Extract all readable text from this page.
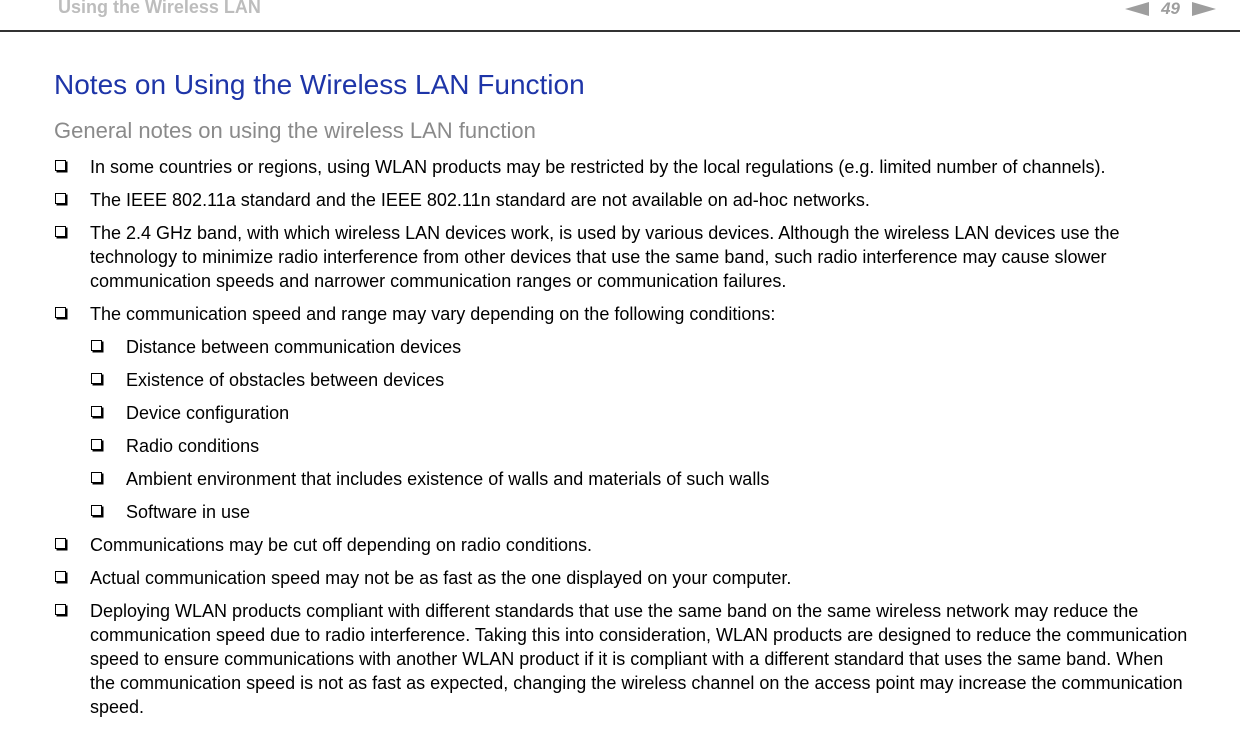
Using the Wireless LAN	49
Notes on Using the Wireless LAN Function
General notes on using the wireless LAN function
In some countries or regions, using WLAN products may be restricted by the local regulations (e.g. limited number of channels).
The IEEE 802.11a standard and the IEEE 802.11n standard are not available on ad-hoc networks.
The 2.4 GHz band, with which wireless LAN devices work, is used by various devices. Although the wireless LAN devices use the technology to minimize radio interference from other devices that use the same band, such radio interference may cause slower communication speeds and narrower communication ranges or communication failures.
The communication speed and range may vary depending on the following conditions:
Distance between communication devices
Existence of obstacles between devices
Device configuration
Radio conditions
Ambient environment that includes existence of walls and materials of such walls
Software in use
Communications may be cut off depending on radio conditions.
Actual communication speed may not be as fast as the one displayed on your computer.
Deploying WLAN products compliant with different standards that use the same band on the same wireless network may reduce the communication speed due to radio interference. Taking this into consideration, WLAN products are designed to reduce the communication speed to ensure communications with another WLAN product if it is compliant with a different standard that uses the same band. When the communication speed is not as fast as expected, changing the wireless channel on the access point may increase the communication speed.
